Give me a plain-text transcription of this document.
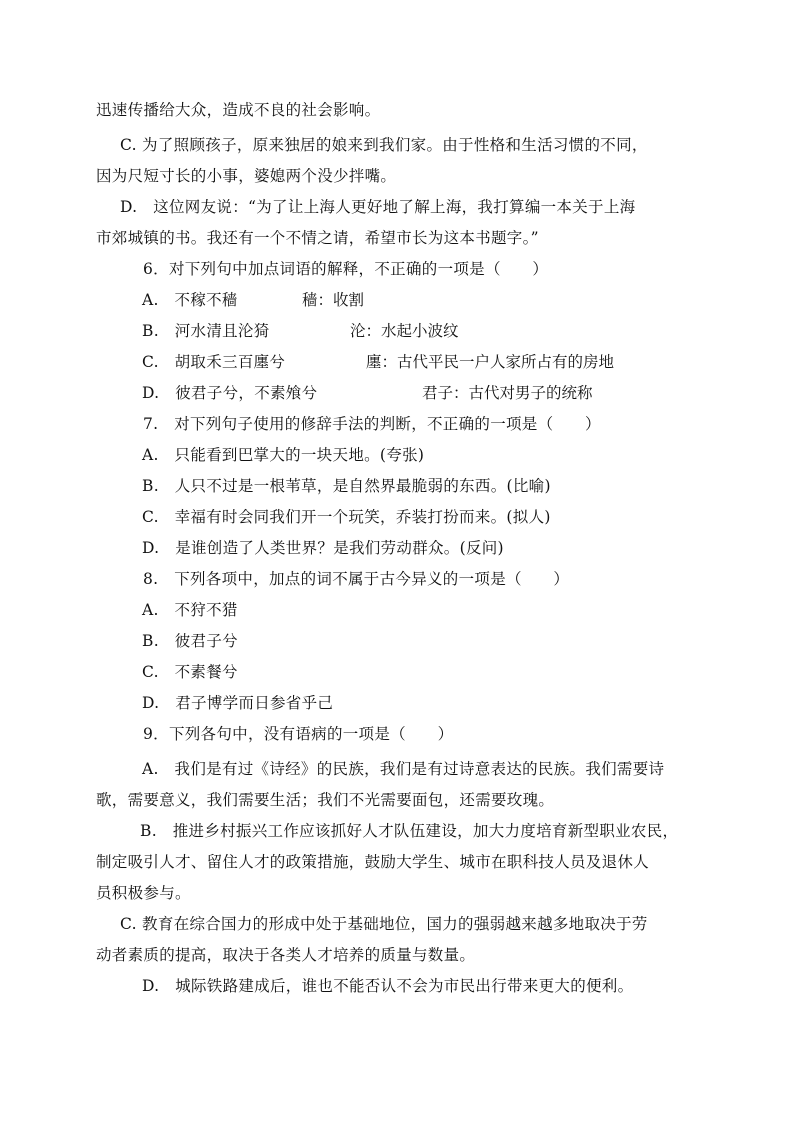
迅速传播给大众，造成不良的社会影响。
C. 为了照顾孩子，原来独居的娘来到我们家。由于性格和生活习惯的不同，
因为尺短寸长的小事，婆媳两个没少拌嘴。
D.　这位网友说：“为了让上海人更好地了解上海，我打算编一本关于上海
市郊城镇的书。我还有一个不情之请，希望市长为这本书题字。”
6．对下列句中加点词语的解释，不正确的一项是（　　）
A.　不稼不穑	穑：收割
B.　河水清且沦猗	沦：水起小波纹
C.　胡取禾三百廛兮	廛：古代平民一户人家所占有的房地
D.　彼君子兮，不素飧兮	君子：古代对男子的统称
7.　对下列句子使用的修辞手法的判断，不正确的一项是（　　）
A.　只能看到巴掌大的一块天地。(夸张)
B.　人只不过是一根苇草，是自然界最脆弱的东西。(比喻)
C.　幸福有时会同我们开一个玩笑，乔装打扮而来。(拟人)
D.　是谁创造了人类世界？是我们劳动群众。(反问)
8.　下列各项中，加点的词不属于古今异义的一项是（　　）
A.　不狩不猎
B.　彼君子兮
C.　不素餐兮
D.　君子博学而日参省乎己
9．下列各句中，没有语病的一项是（　　）
A.　我们是有过《诗经》的民族，我们是有过诗意表达的民族。我们需要诗
歌，需要意义，我们需要生活；我们不光需要面包，还需要玫瑰。
B.　推进乡村振兴工作应该抓好人才队伍建设，加大力度培育新型职业农民，
制定吸引人才、留住人才的政策措施，鼓励大学生、城市在职科技人员及退休人
员积极参与。
C. 教育在综合国力的形成中处于基础地位，国力的强弱越来越多地取决于劳
动者素质的提高，取决于各类人才培养的质量与数量。
D.　城际铁路建成后，谁也不能否认不会为市民出行带来更大的便利。
